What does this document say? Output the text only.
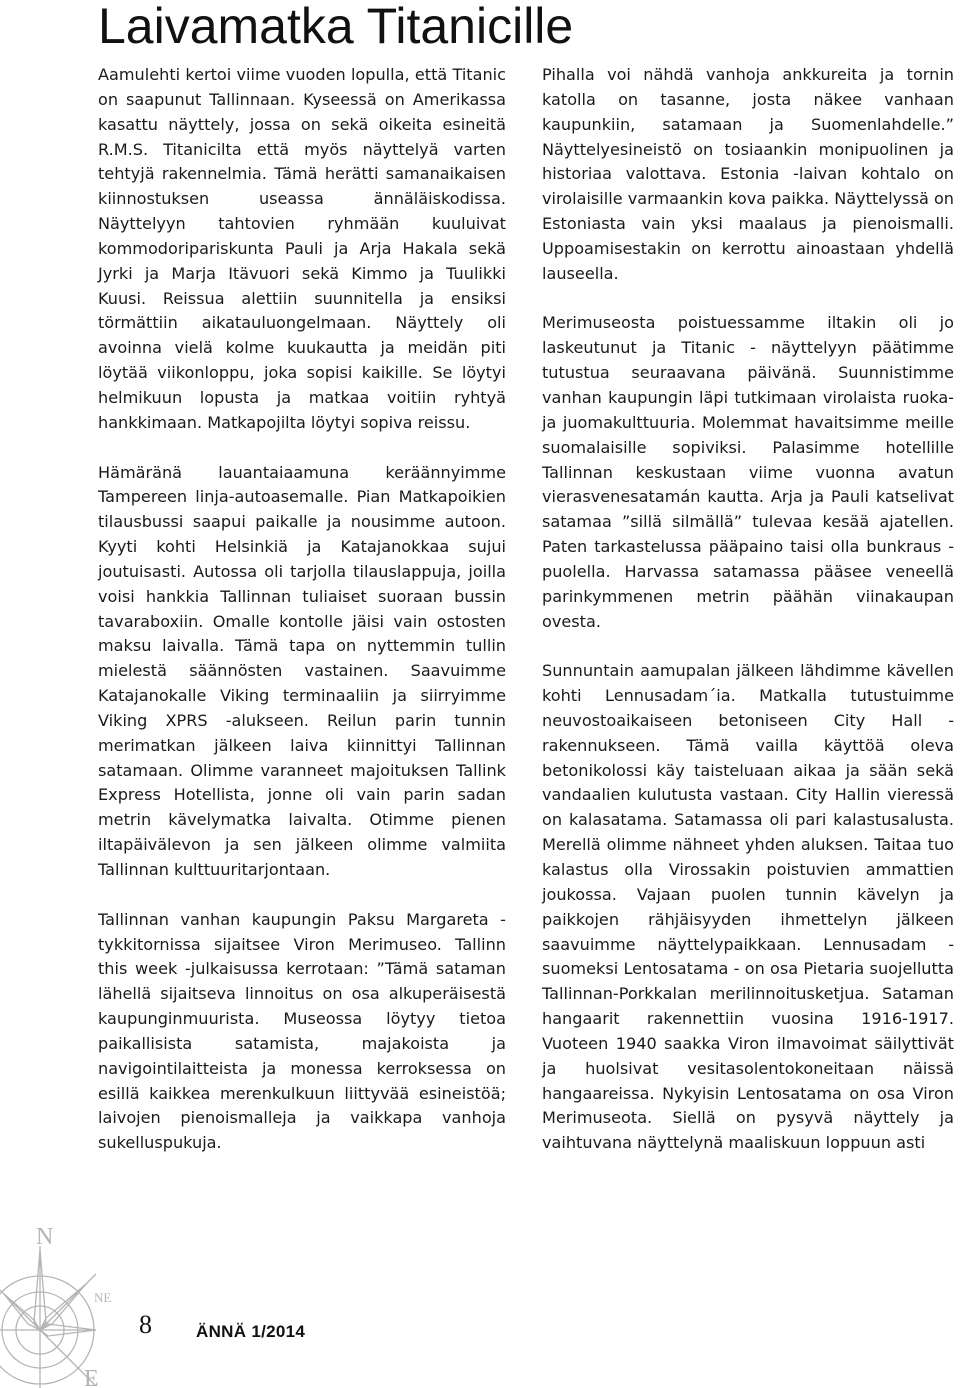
Laivamatka Titanicille

Aamulehti kertoi viime vuoden lopulla, että Titanic on saapunut Tallinnaan. Kyseessä on Amerikassa kasattu näyttely, jossa on sekä oikeita esineitä R.M.S. Titanicilta että myös näyttelyä varten tehtyjä rakennelmia. Tämä herätti samanaikaisen kiinnostuksen useassa ännäläiskodissa. Näyttelyyn tahtovien ryhmään kuuluivat kommodoripariskunta Pauli ja Arja Hakala sekä Jyrki ja Marja Itävuori sekä Kimmo ja Tuulikki Kuusi. Reissua alettiin suunnitella ja ensiksi törmättiin aikatauluongelmaan. Näyttely oli avoinna vielä kolme kuukautta ja meidän piti löytää viikonloppu, joka sopisi kaikille. Se löytyi helmikuun lopusta ja matkaa voitiin ryhtyä hankkimaan. Matkapojilta löytyi sopiva reissu.

Hämäränä lauantaiaamuna keräännyimme Tampereen linja-autoasemalle. Pian Matkapoikien tilausbussi saapui paikalle ja nousimme autoon. Kyyti kohti Helsinkiä ja Katajanokkaa sujui joutuisasti. Autossa oli tarjolla tilauslappuja, joilla voisi hankkia Tallinnan tuliaiset suoraan bussin tavaraboxiin. Omalle kontolle jäisi vain ostosten maksu laivalla. Tämä tapa on nyttemmin tullin mielestä säännösten vastainen. Saavuimme Katajanokalle Viking terminaaliin ja siirryimme Viking XPRS -alukseen. Reilun parin tunnin merimatkan jälkeen laiva kiinnittyi Tallinnan satamaan. Olimme varanneet majoituksen Tallink Express Hotellista, jonne oli vain parin sadan metrin kävelymatka laivalta. Otimme pienen iltapäivälevon ja sen jälkeen olimme valmiita Tallinnan kulttuuritarjontaan.

Tallinnan vanhan kaupungin Paksu Margareta -tykkitornissa sijaitsee Viron Merimuseo. Tallinn this week -julkaisussa kerrotaan: ”Tämä sataman lähellä sijaitseva linnoitus on osa alkuperäisestä kaupunginmuurista. Museossa löytyy tietoa paikallisista satamista, majakoista ja navigointilaitteista ja monessa kerroksessa on esillä kaikkea merenkulkuun liittyvää esineistöä; laivojen pienoismalleja ja vaikkapa vanhoja sukelluspukuja.

Pihalla voi nähdä vanhoja ankkureita ja tornin katolla on tasanne, josta näkee vanhaan kaupunkiin, satamaan ja Suomenlahdelle.” Näyttelyesineistö on tosiaankin monipuolinen ja historiaa valottava. Estonia -laivan kohtalo on virolaisille varmaankin kova paikka. Näyttelyssä on Estoniasta vain yksi maalaus ja pienoismalli. Uppoamisestakin on kerrottu ainoastaan yhdellä lauseella.

Merimuseosta poistuessamme iltakin oli jo laskeutunut ja Titanic - näyttelyyn päätimme tutustua seuraavana päivänä. Suunnistimme vanhan kaupungin läpi tutkimaan virolaista ruoka- ja juomakulttuuria. Molemmat havaitsimme meille suomalaisille sopiviksi. Palasimme hotellille Tallinnan keskustaan viime vuonna avatun vierasvenesatamán kautta. Arja ja Pauli katselivat satamaa ”sillä silmällä” tulevaa kesää ajatellen. Paten tarkastelussa pääpaino taisi olla bunkraus -puolella. Harvassa satamassa pääsee veneellä parinkymmenen metrin päähän viinakaupan ovesta.

Sunnuntain aamupalan jälkeen lähdimme kävellen kohti Lennusadam´ia. Matkalla tutustuimme neuvostoaikaiseen betoniseen City Hall -rakennukseen. Tämä vailla käyttöä oleva betonikolossi käy taisteluaan aikaa ja sään sekä vandaalien kulutusta vastaan. City Hallin vieressä on kalasatama. Satamassa oli pari kalastusalusta. Merellä olimme nähneet yhden aluksen. Taitaa tuo kalastus olla Virossakin poistuvien ammattien joukossa. Vajaan puolen tunnin kävelyn ja paikkojen rähjäisyyden ihmettelyn jälkeen saavuimme näyttelypaikkaan. Lennusadam - suomeksi Lentosatama - on osa Pietaria suojellutta Tallinnan-Porkkalan merilinnoitusketjua. Sataman hangaarit rakennettiin vuosina 1916-1917. Vuoteen 1940 saakka Viron ilmavoimat säilyttivät ja huolsivat vesitasolentokoneitaan näissä hangaareissa. Nykyisin Lentosatama on osa Viron Merimuseota. Siellä on pysyvä näyttely ja vaihtuvana näyttelynä maaliskuun loppuun asti

N
NE
E
8	ÄNNÄ 1/2014
